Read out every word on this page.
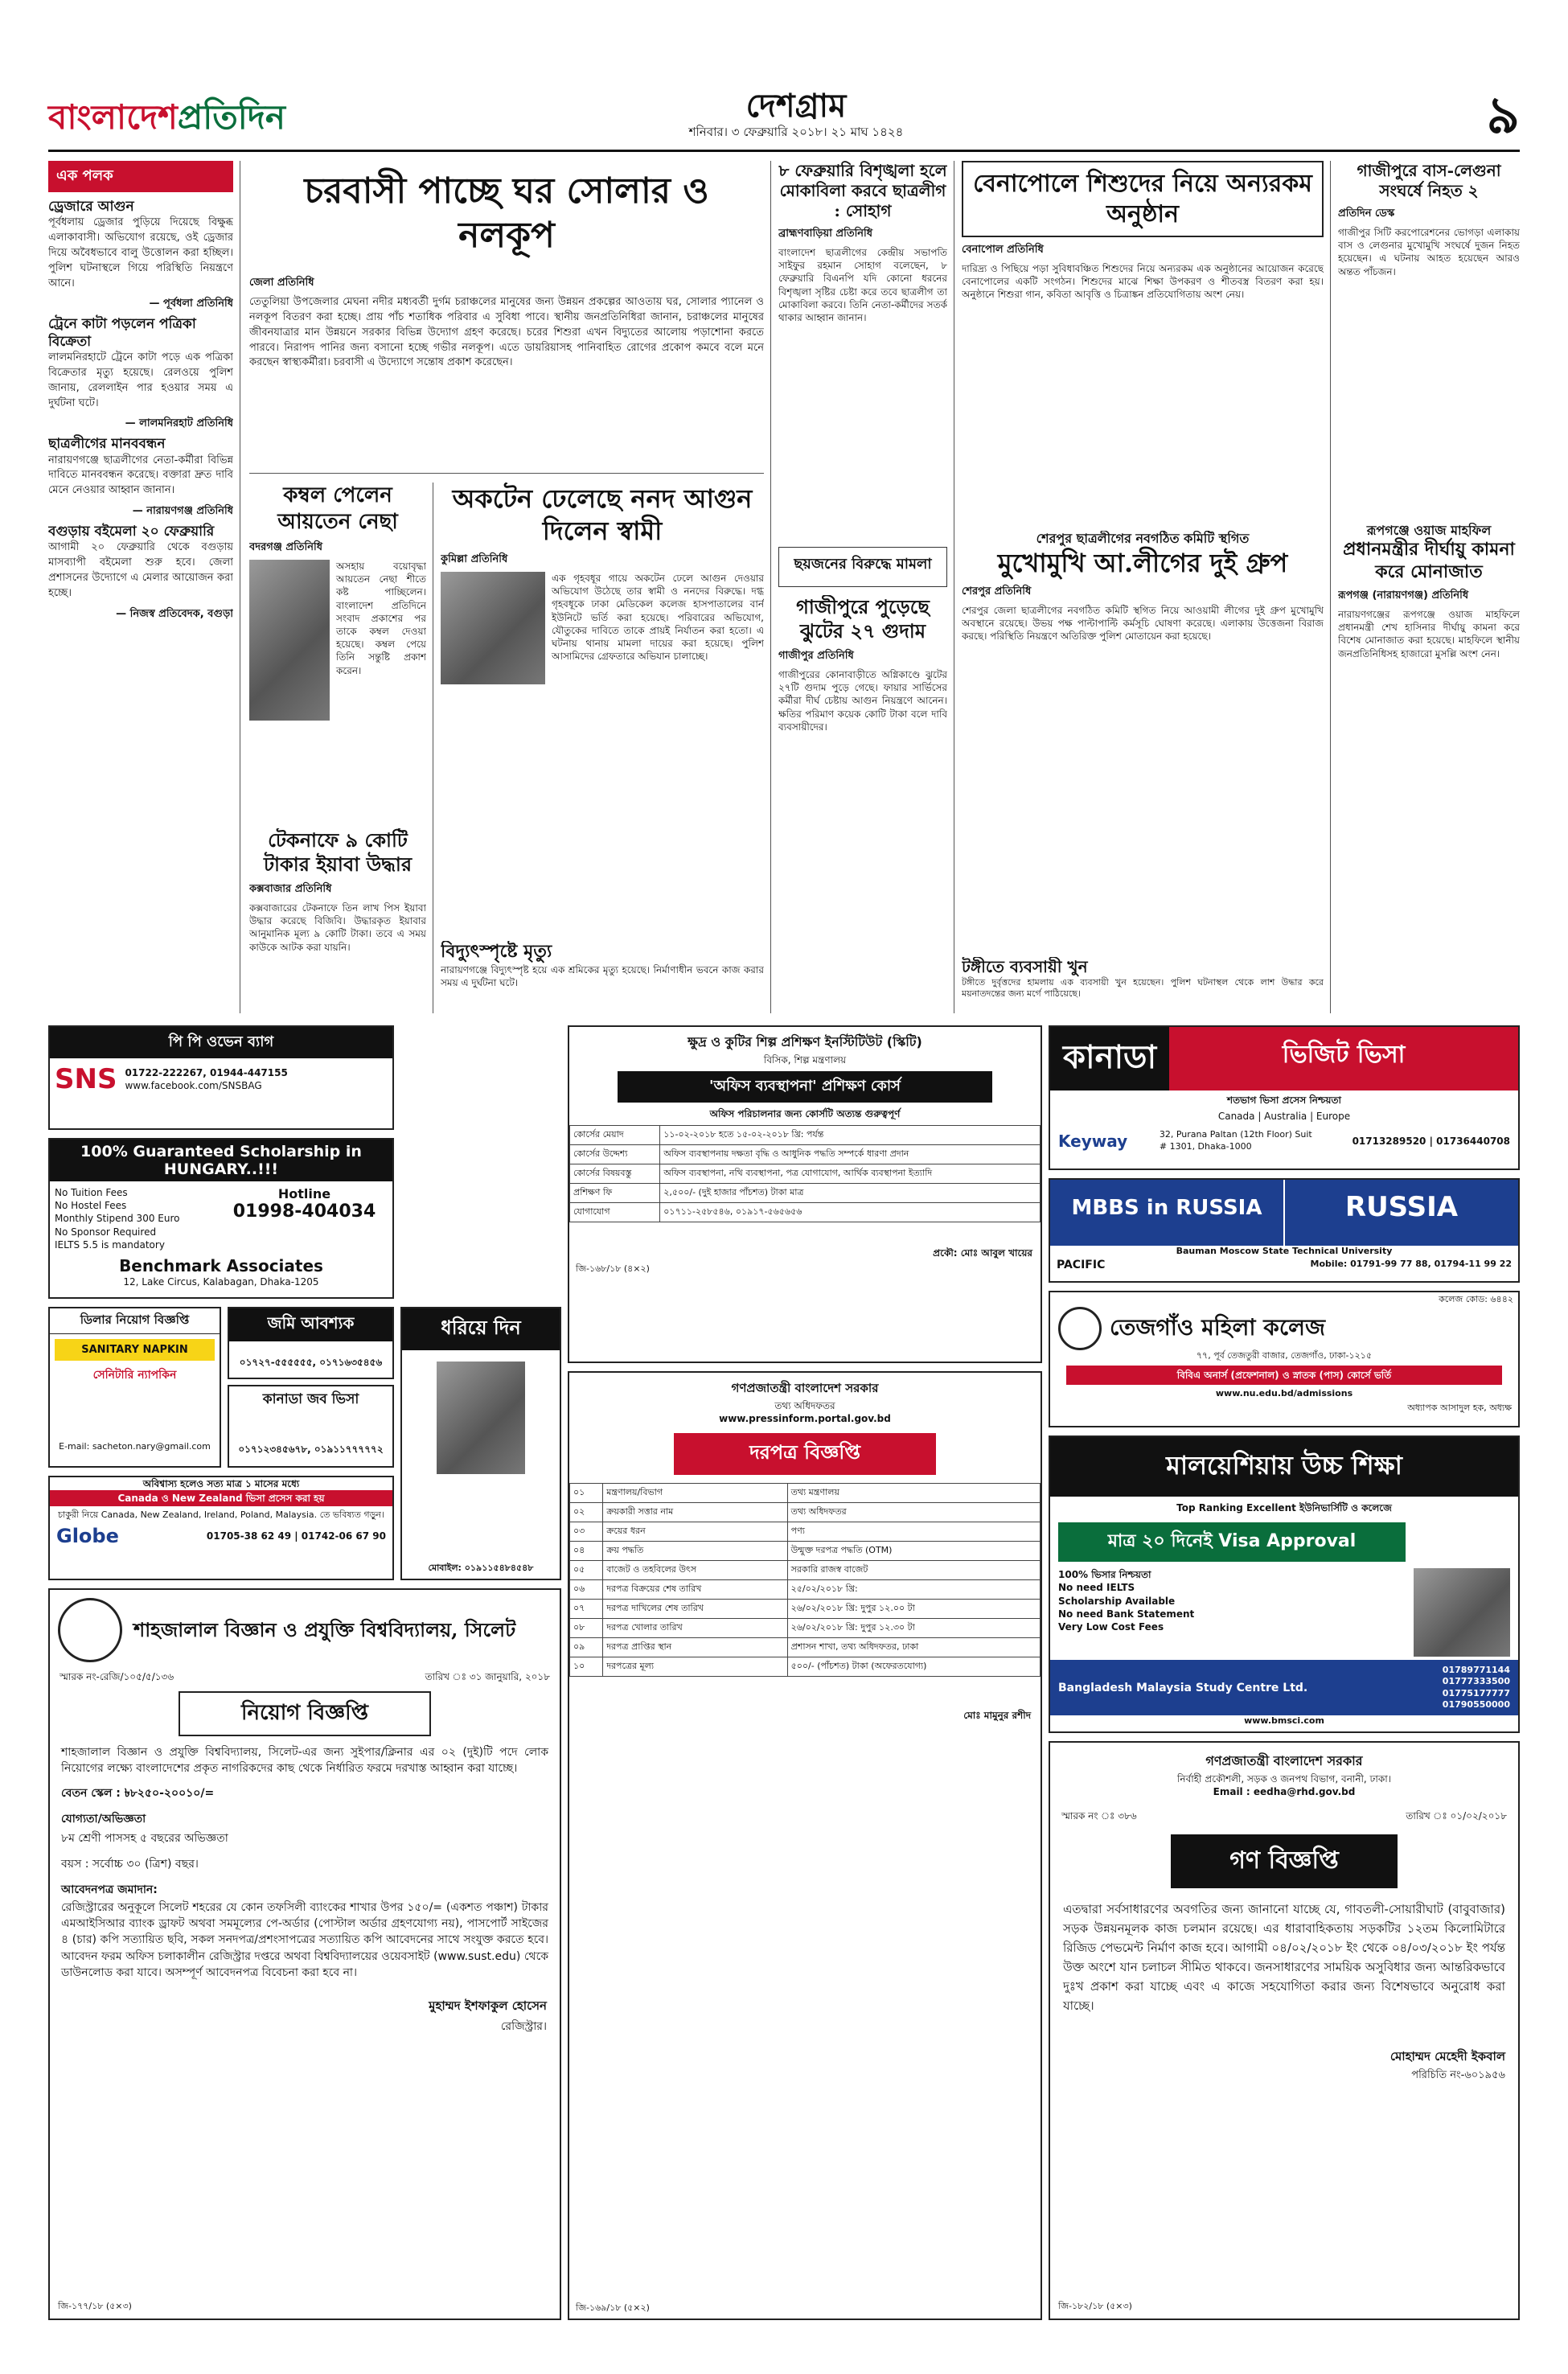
বাংলাদেশপ্রতিদিন	দেশগ্রাম
শনিবার। ৩ ফেব্রুয়ারি ২০১৮। ২১ মাঘ ১৪২৪	৯
এক পলক
ড্রেজারে আগুন
পূর্বধলায় ড্রেজার পুড়িয়ে দিয়েছে বিক্ষুব্ধ এলাকাবাসী। অভিযোগ রয়েছে, ওই ড্রেজার দিয়ে অবৈধভাবে বালু উত্তোলন করা হচ্ছিল। পুলিশ ঘটনাস্থলে গিয়ে পরিস্থিতি নিয়ন্ত্রণে আনে।
— পূর্বধলা প্রতিনিধি
ট্রেনে কাটা পড়লেন পত্রিকা বিক্রেতা
লালমনিরহাটে ট্রেনে কাটা পড়ে এক পত্রিকা বিক্রেতার মৃত্যু হয়েছে। রেলওয়ে পুলিশ জানায়, রেললাইন পার হওয়ার সময় এ দুর্ঘটনা ঘটে।
— লালমনিরহাট প্রতিনিধি
ছাত্রলীগের মানববন্ধন
নারায়ণগঞ্জে ছাত্রলীগের নেতা-কর্মীরা বিভিন্ন দাবিতে মানববন্ধন করেছে। বক্তারা দ্রুত দাবি মেনে নেওয়ার আহ্বান জানান।
— নারায়ণগঞ্জ প্রতিনিধি
বগুড়ায় বইমেলা ২০ ফেব্রুয়ারি
আগামী ২০ ফেব্রুয়ারি থেকে বগুড়ায় মাসব্যাপী বইমেলা শুরু হবে। জেলা প্রশাসনের উদ্যোগে এ মেলার আয়োজন করা হচ্ছে।
— নিজস্ব প্রতিবেদক, বগুড়া
চরবাসী পাচ্ছে ঘর সোলার ও নলকূপ
জেলা প্রতিনিধি
তেতুলিয়া উপজেলার মেঘনা নদীর মধ্যবর্তী দুর্গম চরাঞ্চলের মানুষের জন্য উন্নয়ন প্রকল্পের আওতায় ঘর, সোলার প্যানেল ও নলকূপ বিতরণ করা হচ্ছে। প্রায় পাঁচ শতাধিক পরিবার এ সুবিধা পাবে। স্থানীয় জনপ্রতিনিধিরা জানান, চরাঞ্চলের মানুষের জীবনযাত্রার মান উন্নয়নে সরকার বিভিন্ন উদ্যোগ গ্রহণ করেছে। চরের শিশুরা এখন বিদ্যুতের আলোয় পড়াশোনা করতে পারবে। নিরাপদ পানির জন্য বসানো হচ্ছে গভীর নলকূপ। এতে ডায়রিয়াসহ পানিবাহিত রোগের প্রকোপ কমবে বলে মনে করছেন স্বাস্থ্যকর্মীরা। চরবাসী এ উদ্যোগে সন্তোষ প্রকাশ করেছেন।
কম্বল পেলেন আয়তেন নেছা
বদরগঞ্জ প্রতিনিধি
অসহায় বয়োবৃদ্ধা আয়তেন নেছা শীতে কষ্ট পাচ্ছিলেন। বাংলাদেশ প্রতিদিনে সংবাদ প্রকাশের পর তাকে কম্বল দেওয়া হয়েছে। কম্বল পেয়ে তিনি সন্তুষ্টি প্রকাশ করেন।
টেকনাফে ৯ কোটি টাকার ইয়াবা উদ্ধার
কক্সবাজার প্রতিনিধি
কক্সবাজারের টেকনাফে তিন লাখ পিস ইয়াবা উদ্ধার করেছে বিজিবি। উদ্ধারকৃত ইয়াবার আনুমানিক মূল্য ৯ কোটি টাকা। তবে এ সময় কাউকে আটক করা যায়নি।
অকটেন ঢেলেছে ননদ আগুন দিলেন স্বামী
কুমিল্লা প্রতিনিধি
এক গৃহবধূর গায়ে অকটেন ঢেলে আগুন দেওয়ার অভিযোগ উঠেছে তার স্বামী ও ননদের বিরুদ্ধে। দগ্ধ গৃহবধূকে ঢাকা মেডিকেল কলেজ হাসপাতালের বার্ন ইউনিটে ভর্তি করা হয়েছে। পরিবারের অভিযোগ, যৌতুকের দাবিতে তাকে প্রায়ই নির্যাতন করা হতো। এ ঘটনায় থানায় মামলা দায়ের করা হয়েছে। পুলিশ আসামিদের গ্রেফতারে অভিযান চালাচ্ছে।
বিদ্যুৎস্পৃষ্টে মৃত্যু
নারায়ণগঞ্জে বিদ্যুৎস্পৃষ্ট হয়ে এক শ্রমিকের মৃত্যু হয়েছে। নির্মাণাধীন ভবনে কাজ করার সময় এ দুর্ঘটনা ঘটে।
৮ ফেব্রুয়ারি বিশৃঙ্খলা হলে মোকাবিলা করবে ছাত্রলীগ : সোহাগ
ব্রাহ্মণবাড়িয়া প্রতিনিধি
বাংলাদেশ ছাত্রলীগের কেন্দ্রীয় সভাপতি সাইফুর রহমান সোহাগ বলেছেন, ৮ ফেব্রুয়ারি বিএনপি যদি কোনো ধরনের বিশৃঙ্খলা সৃষ্টির চেষ্টা করে তবে ছাত্রলীগ তা মোকাবিলা করবে। তিনি নেতা-কর্মীদের সতর্ক থাকার আহ্বান জানান।
ছয়জনের বিরুদ্ধে মামলা
গাজীপুরে পুড়েছে ঝুটের ২৭ গুদাম
গাজীপুর প্রতিনিধি
গাজীপুরের কোনাবাড়ীতে অগ্নিকাণ্ডে ঝুটের ২৭টি গুদাম পুড়ে গেছে। ফায়ার সার্ভিসের কর্মীরা দীর্ঘ চেষ্টায় আগুন নিয়ন্ত্রণে আনেন। ক্ষতির পরিমাণ কয়েক কোটি টাকা বলে দাবি ব্যবসায়ীদের।
বেনাপোলে শিশুদের নিয়ে অন্যরকম অনুষ্ঠান
বেনাপোল প্রতিনিধি
দারিদ্র্য ও পিছিয়ে পড়া সুবিধাবঞ্চিত শিশুদের নিয়ে অন্যরকম এক অনুষ্ঠানের আয়োজন করেছে বেনাপোলের একটি সংগঠন। শিশুদের মাঝে শিক্ষা উপকরণ ও শীতবস্ত্র বিতরণ করা হয়। অনুষ্ঠানে শিশুরা গান, কবিতা আবৃত্তি ও চিত্রাঙ্কন প্রতিযোগিতায় অংশ নেয়।
শেরপুর ছাত্রলীগের নবগঠিত কমিটি স্থগিত
মুখোমুখি আ.লীগের দুই গ্রুপ
শেরপুর প্রতিনিধি
শেরপুর জেলা ছাত্রলীগের নবগঠিত কমিটি স্থগিত নিয়ে আওয়ামী লীগের দুই গ্রুপ মুখোমুখি অবস্থানে রয়েছে। উভয় পক্ষ পাল্টাপাল্টি কর্মসূচি ঘোষণা করেছে। এলাকায় উত্তেজনা বিরাজ করছে। পরিস্থিতি নিয়ন্ত্রণে অতিরিক্ত পুলিশ মোতায়েন করা হয়েছে।
টঙ্গীতে ব্যবসায়ী খুন
টঙ্গীতে দুর্বৃত্তদের হামলায় এক ব্যবসায়ী খুন হয়েছেন। পুলিশ ঘটনাস্থল থেকে লাশ উদ্ধার করে ময়নাতদন্তের জন্য মর্গে পাঠিয়েছে।
গাজীপুরে বাস-লেগুনা সংঘর্ষে নিহত ২
প্রতিদিন ডেস্ক
গাজীপুর সিটি করপোরেশনের ভোগড়া এলাকায় বাস ও লেগুনার মুখোমুখি সংঘর্ষে দুজন নিহত হয়েছেন। এ ঘটনায় আহত হয়েছেন আরও অন্তত পাঁচজন।
রূপগঞ্জে ওয়াজ মাহফিল
প্রধানমন্ত্রীর দীর্ঘায়ু কামনা করে মোনাজাত
রূপগঞ্জ (নারায়ণগঞ্জ) প্রতিনিধি
নারায়ণগঞ্জের রূপগঞ্জে ওয়াজ মাহফিলে প্রধানমন্ত্রী শেখ হাসিনার দীর্ঘায়ু কামনা করে বিশেষ মোনাজাত করা হয়েছে। মাহফিলে স্থানীয় জনপ্রতিনিধিসহ হাজারো মুসল্লি অংশ নেন।
পি পি ওভেন ব্যাগ
SNS 01722-222267, 01944-447155
www.facebook.com/SNSBAG
100% Guaranteed Scholarship in HUNGARY..!!!
No Tuition Fees
No Hostel Fees
Monthly Stipend 300 Euro
No Sponsor Required
IELTS 5.5 is mandatory
Hotline
01998-404034
Benchmark Associates
12, Lake Circus, Kalabagan, Dhaka-1205
ডিলার নিয়োগ বিজ্ঞপ্তি
SANITARY NAPKIN
সেনিটারি ন্যাপকিন
E-mail: sacheton.nary@gmail.com
জমি আবশ্যক
০১৭২৭-৫৫৫৫৫৫, ০১৭১৬৩৫৪৫৬
কানাডা জব ভিসা
০১৭১২৩৪৫৬৭৮, ০১৯১১৭৭৭৭৭২
অবিশ্বাস্য হলেও সত্য মাত্র ১ মাসের মধ্যে
Canada ও New Zealand ভিসা প্রসেস করা হয়
চাকুরী নিয়ে Canada, New Zealand, Ireland, Poland, Malaysia. তে ভবিষ্যত গড়ুন।
Globe	01705-38 62 49 | 01742-06 67 90
ধরিয়ে দিন
মোবাইল: ০১৯১১৫৪৮৪৫৪৮
ক্ষুদ্র ও কুটির শিল্প প্রশিক্ষণ ইনস্টিটিউট (স্কিটি)
বিসিক, শিল্প মন্ত্রণালয়
'অফিস ব্যবস্থাপনা' প্রশিক্ষণ কোর্স
অফিস পরিচালনার জন্য কোর্সটি অত্যন্ত গুরুত্বপূর্ণ
কোর্সের মেয়াদ	১১-০২-২০১৮ হতে ১৫-০২-২০১৮ খ্রি: পর্যন্ত
কোর্সের উদ্দেশ্য	অফিস ব্যবস্থাপনায় দক্ষতা বৃদ্ধি ও আধুনিক পদ্ধতি সম্পর্কে ধারণা প্রদান
কোর্সের বিষয়বস্তু	অফিস ব্যবস্থাপনা, নথি ব্যবস্থাপনা, পত্র যোগাযোগ, আর্থিক ব্যবস্থাপনা ইত্যাদি
প্রশিক্ষণ ফি	২,৫০০/- (দুই হাজার পাঁচশত) টাকা মাত্র
যোগাযোগ	০১৭১১-২৫৮৫৪৬, ০১৯১৭-৫৬৫৬৫৬
প্রকৌ: মোঃ আবুল খায়ের
জি-১৬৮/১৮ (৪×২)
গণপ্রজাতন্ত্রী বাংলাদেশ সরকার
তথ্য অধিদফতর
www.pressinform.portal.gov.bd
দরপত্র বিজ্ঞপ্তি
০১	মন্ত্রণালয়/বিভাগ	তথ্য মন্ত্রণালয়
০২	ক্রয়কারী সত্তার নাম	তথ্য অধিদফতর
০৩	ক্রয়ের ধরন	পণ্য
০৪	ক্রয় পদ্ধতি	উন্মুক্ত দরপত্র পদ্ধতি (OTM)
০৫	বাজেট ও তহবিলের উৎস	সরকারি রাজস্ব বাজেট
০৬	দরপত্র বিক্রয়ের শেষ তারিখ	২৫/০২/২০১৮ খ্রি:
০৭	দরপত্র দাখিলের শেষ তারিখ	২৬/০২/২০১৮ খ্রি: দুপুর ১২.০০ টা
০৮	দরপত্র খোলার তারিখ	২৬/০২/২০১৮ খ্রি: দুপুর ১২.৩০ টা
০৯	দরপত্র প্রাপ্তির স্থান	প্রশাসন শাখা, তথ্য অধিদফতর, ঢাকা
১০	দরপত্রের মূল্য	৫০০/- (পাঁচশত) টাকা (অফেরতযোগ্য)
মোঃ মামুনুর রশীদ
জি-১৬৯/১৮ (৫×২)
শাহজালাল বিজ্ঞান ও প্রযুক্তি বিশ্ববিদ্যালয়, সিলেট
স্মারক নং-রেজি/১০৫/৫/১৩৬	তারিখ ঃ ৩১ জানুয়ারি, ২০১৮
নিয়োগ বিজ্ঞপ্তি
শাহজালাল বিজ্ঞান ও প্রযুক্তি বিশ্ববিদ্যালয়, সিলেট-এর জন্য সুইপার/ক্লিনার এর ০২ (দুই)টি পদে লোক নিয়োগের লক্ষ্যে বাংলাদেশের প্রকৃত নাগরিকদের কাছ থেকে নির্ধারিত ফরমে দরখাস্ত আহ্বান করা যাচ্ছে।
বেতন স্কেল : ৳৮২৫০-২০০১০/=
যোগ্যতা/অভিজ্ঞতা
৮ম শ্রেণী পাসসহ ৫ বছরের অভিজ্ঞতা
বয়স : সর্বোচ্চ ৩০ (ত্রিশ) বছর।
আবেদনপত্র জমাদান:
রেজিস্ট্রারের অনুকূলে সিলেট শহরের যে কোন তফসিলী ব্যাংকের শাখার উপর ১৫০/= (একশত পঞ্চাশ) টাকার এমআইসিআর ব্যাংক ড্রাফট অথবা সমমূল্যের পে-অর্ডার (পোস্টাল অর্ডার গ্রহণযোগ্য নয়), পাসপোর্ট সাইজের ৪ (চার) কপি সত্যায়িত ছবি, সকল সনদপত্র/প্রশংসাপত্রের সত্যায়িত কপি আবেদনের সাথে সংযুক্ত করতে হবে। আবেদন ফরম অফিস চলাকালীন রেজিস্ট্রার দপ্তরে অথবা বিশ্ববিদ্যালয়ের ওয়েবসাইট (www.sust.edu) থেকে ডাউনলোড করা যাবে। অসম্পূর্ণ আবেদনপত্র বিবেচনা করা হবে না।
মুহাম্মদ ইশফাকুল হোসেন
রেজিস্ট্রার।
জি-১৭৭/১৮ (৫×৩)
কানাডা	ভিজিট ভিসা
শতভাগ ভিসা প্রসেস নিশ্চয়তা
Canada | Australia | Europe
Keyway	32, Purana Paltan (12th Floor) Suit # 1301, Dhaka-1000	01713289520 | 01736440708
MBBS in RUSSIA	RUSSIA
Bauman Moscow State Technical University
PACIFIC	Mobile: 01791-99 77 88, 01794-11 99 22
কলেজ কোড: ৬৪৪২
তেজগাঁও মহিলা কলেজ
৭৭, পূর্ব তেজতুরী বাজার, তেজগাঁও, ঢাকা-১২১৫
বিবিএ অনার্স (প্রফেশনাল) ও স্নাতক (পাস) কোর্সে ভর্তি
www.nu.edu.bd/admissions
অধ্যাপক আসাদুল হক, অধ্যক্ষ
মালয়েশিয়ায় উচ্চ শিক্ষা
Top Ranking Excellent ইউনিভার্সিটি ও কলেজে
মাত্র ২০ দিনেই Visa Approval
100% ভিসার নিশ্চয়তা
No need IELTS
Scholarship Available
No need Bank Statement
Very Low Cost Fees
Bangladesh Malaysia Study Centre Ltd.
01789771144
01777333500
01775177777
01790550000
www.bmsci.com
গণপ্রজাতন্ত্রী বাংলাদেশ সরকার
নির্বাহী প্রকৌশলী, সড়ক ও জনপথ বিভাগ, বনানী, ঢাকা।
Email : eedha@rhd.gov.bd
স্মারক নং ঃ ৩৮৬	তারিখ ঃ ০১/০২/২০১৮
গণ বিজ্ঞপ্তি
এতদ্বারা সর্বসাধারণের অবগতির জন্য জানানো যাচ্ছে যে, গাবতলী-সোয়ারীঘাট (বাবুবাজার) সড়ক উন্নয়নমূলক কাজ চলমান রয়েছে। এর ধারাবাহিকতায় সড়কটির ১২তম কিলোমিটারে রিজিড পেভমেন্ট নির্মাণ কাজ হবে। আগামী ০৪/০২/২০১৮ ইং থেকে ০৪/০৩/২০১৮ ইং পর্যন্ত উক্ত অংশে যান চলাচল সীমিত থাকবে। জনসাধারণের সাময়িক অসুবিধার জন্য আন্তরিকভাবে দুঃখ প্রকাশ করা যাচ্ছে এবং এ কাজে সহযোগিতা করার জন্য বিশেষভাবে অনুরোধ করা যাচ্ছে।
মোহাম্মদ মেহেদী ইকবাল
পরিচিতি নং-৬০১৯৫৬
জি-১৮২/১৮ (৫×৩)
